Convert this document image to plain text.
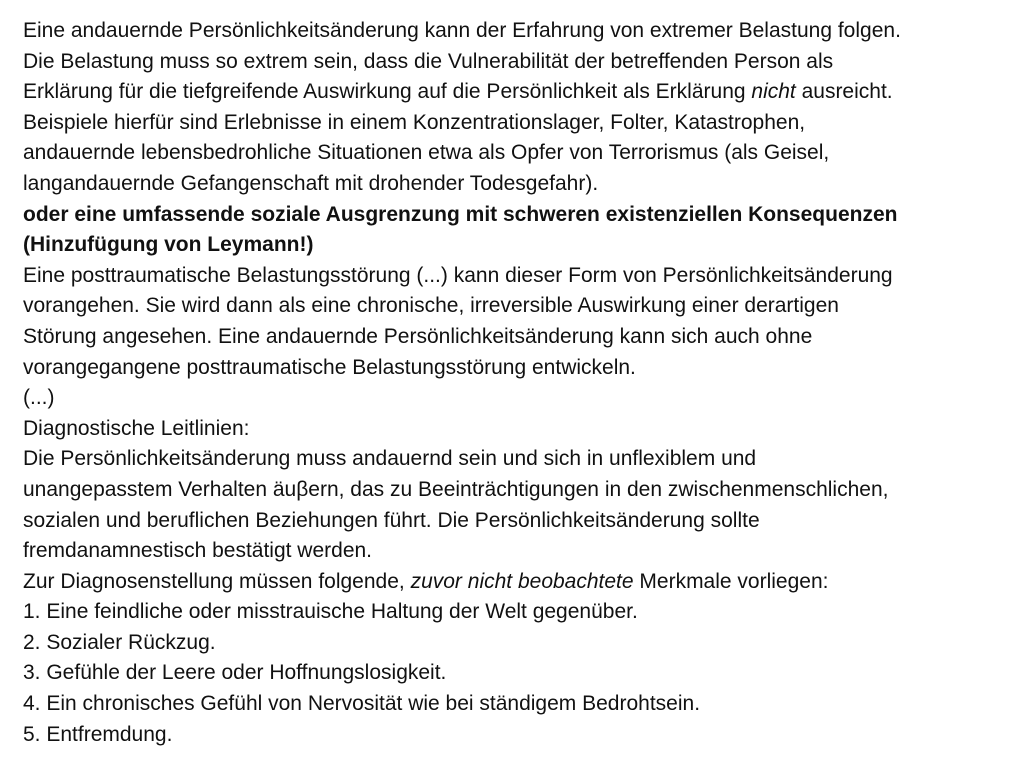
Eine andauernde Persönlichkeitsänderung kann der Erfahrung von extremer Belastung folgen.
Die Belastung muss so extrem sein, dass die Vulnerabilität der betreffenden Person als
Erklärung für die tiefgreifende Auswirkung auf die Persönlichkeit als Erklärung nicht ausreicht.
Beispiele hierfür sind Erlebnisse in einem Konzentrationslager, Folter, Katastrophen,
andauernde lebensbedrohliche Situationen etwa als Opfer von Terrorismus (als Geisel,
langandauernde Gefangenschaft mit drohender Todesgefahr).
oder eine umfassende soziale Ausgrenzung mit schweren existenziellen Konsequenzen
(Hinzufügung von Leymann!)
Eine posttraumatische Belastungsstörung (...) kann dieser Form von Persönlichkeitsänderung
vorangehen. Sie wird dann als eine chronische, irreversible Auswirkung einer derartigen
Störung angesehen. Eine andauernde Persönlichkeitsänderung kann sich auch ohne
vorangegangene posttraumatische Belastungsstörung entwickeln.
(...)
Diagnostische Leitlinien:
Die Persönlichkeitsänderung muss andauernd sein und sich in unflexiblem und
unangepasstem Verhalten äuβern, das zu Beeinträchtigungen in den zwischenmenschlichen,
sozialen und beruflichen Beziehungen führt. Die Persönlichkeitsänderung sollte
fremdanamnestisch bestätigt werden.
Zur Diagnosenstellung müssen folgende, zuvor nicht beobachtete Merkmale vorliegen:
1. Eine feindliche oder misstrauische Haltung der Welt gegenüber.
2. Sozialer Rückzug.
3. Gefühle der Leere oder Hoffnungslosigkeit.
4. Ein chronisches Gefühl von Nervosität wie bei ständigem Bedrohtsein.
5. Entfremdung.
